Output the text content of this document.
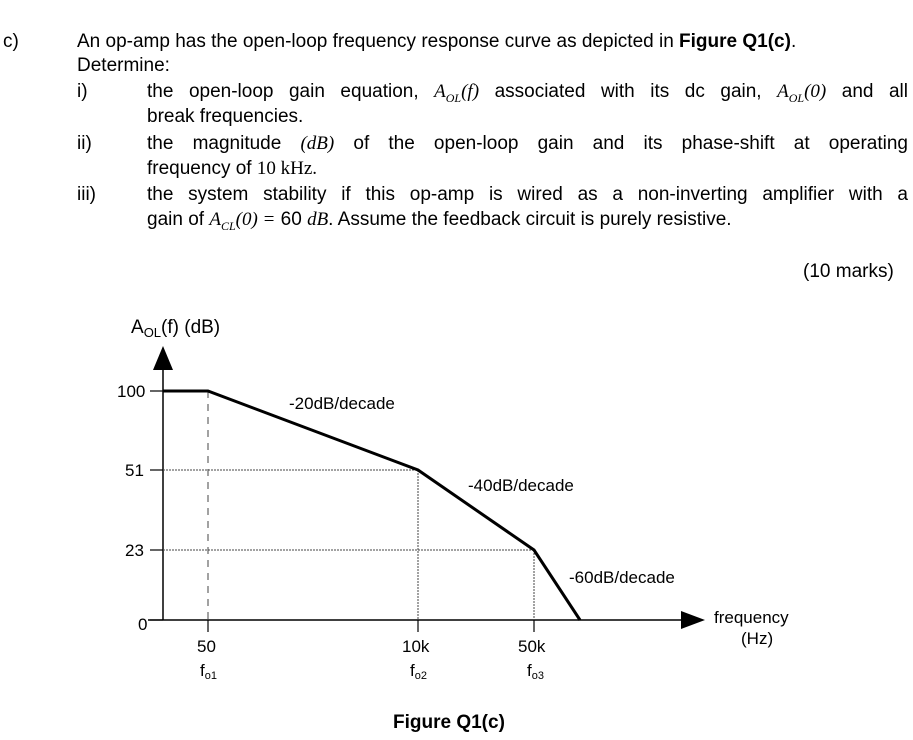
c)	An op-amp has the open-loop frequency response curve as depicted in Figure Q1(c).
Determine:
i)	the open-loop gain equation, $A_{OL}(f)$ associated with its dc gain, $A_{OL}(0)$ and all
break frequencies.
ii)	the magnitude (dB) of the open-loop gain and its phase-shift at operating
frequency of 10 kHz.
iii)	the system stability if this op-amp is wired as a non-inverting amplifier with a
gain of $A_{CL}(0) = 60$ dB. Assume the feedback circuit is purely resistive.
(10 marks)
$A_{OL}(f)$ (dB)
100
51
23
0
50
fo1
10k
fo2
50k
fo3
-20dB/decade
-40dB/decade
-60dB/decade
frequency
(Hz)
Figure Q1(c)
